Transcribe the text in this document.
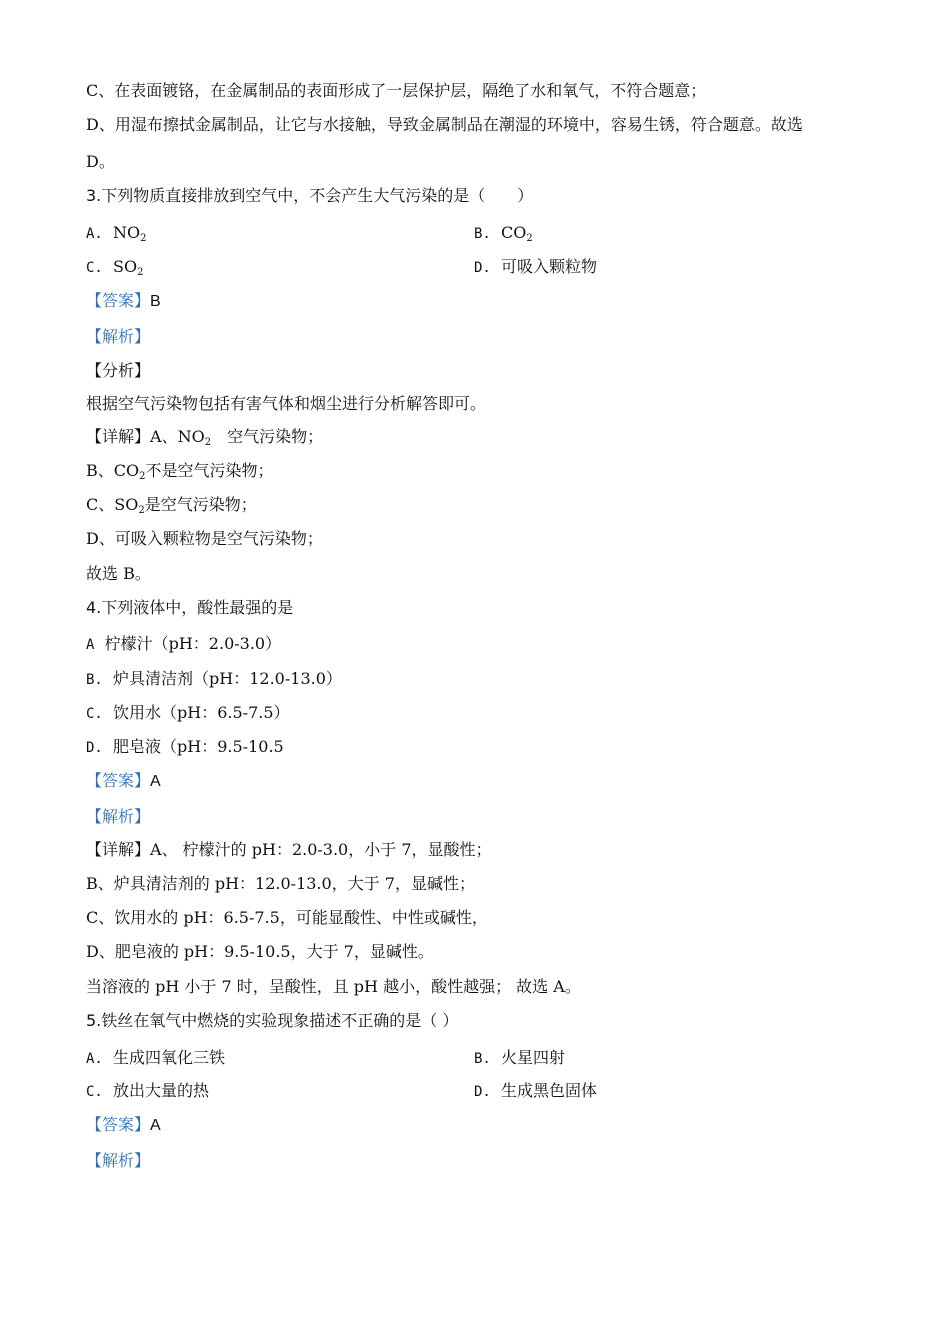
C、在表面镀铬，在金属制品的表面形成了一层保护层，隔绝了水和氧气，不符合题意；
D、用湿布擦拭金属制品，让它与水接触，导致金属制品在潮湿的环境中，容易生锈，符合题意。故选
D。
3.下列物质直接排放到空气中，不会产生大气污染的是（　　）
A. $NO_2$	B. $CO_2$
C. $SO_2$	D. 可吸入颗粒物
【答案】B
【解析】
【分析】
根据空气污染物包括有害气体和烟尘进行分析解答即可。
【详解】A、$NO_2$　空气污染物；
B、$CO_2$不是空气污染物；
C、$SO_2$是空气污染物；
D、可吸入颗粒物是空气污染物；
故选 B。
4.下列液体中，酸性最强的是
A 柠檬汁（pH：2.0-3.0）
B. 炉具清洁剂（pH：12.0-13.0）
C. 饮用水（pH：6.5-7.5）
D. 肥皂液（pH：9.5-10.5
【答案】A
【解析】
【详解】A、 柠檬汁的 pH：2.0-3.0，小于 7，显酸性；
B、炉具清洁剂的 pH：12.0-13.0，大于 7，显碱性；
C、饮用水的 pH：6.5-7.5，可能显酸性、中性或碱性，
D、肥皂液的 pH：9.5-10.5，大于 7，显碱性。
当溶液的 pH 小于 7 时，呈酸性，且 pH 越小，酸性越强； 故选 A。
5.铁丝在氧气中燃烧的实验现象描述不正确的是（ ）
A. 生成四氧化三铁	B. 火星四射
C. 放出大量的热	D. 生成黑色固体
【答案】A
【解析】
